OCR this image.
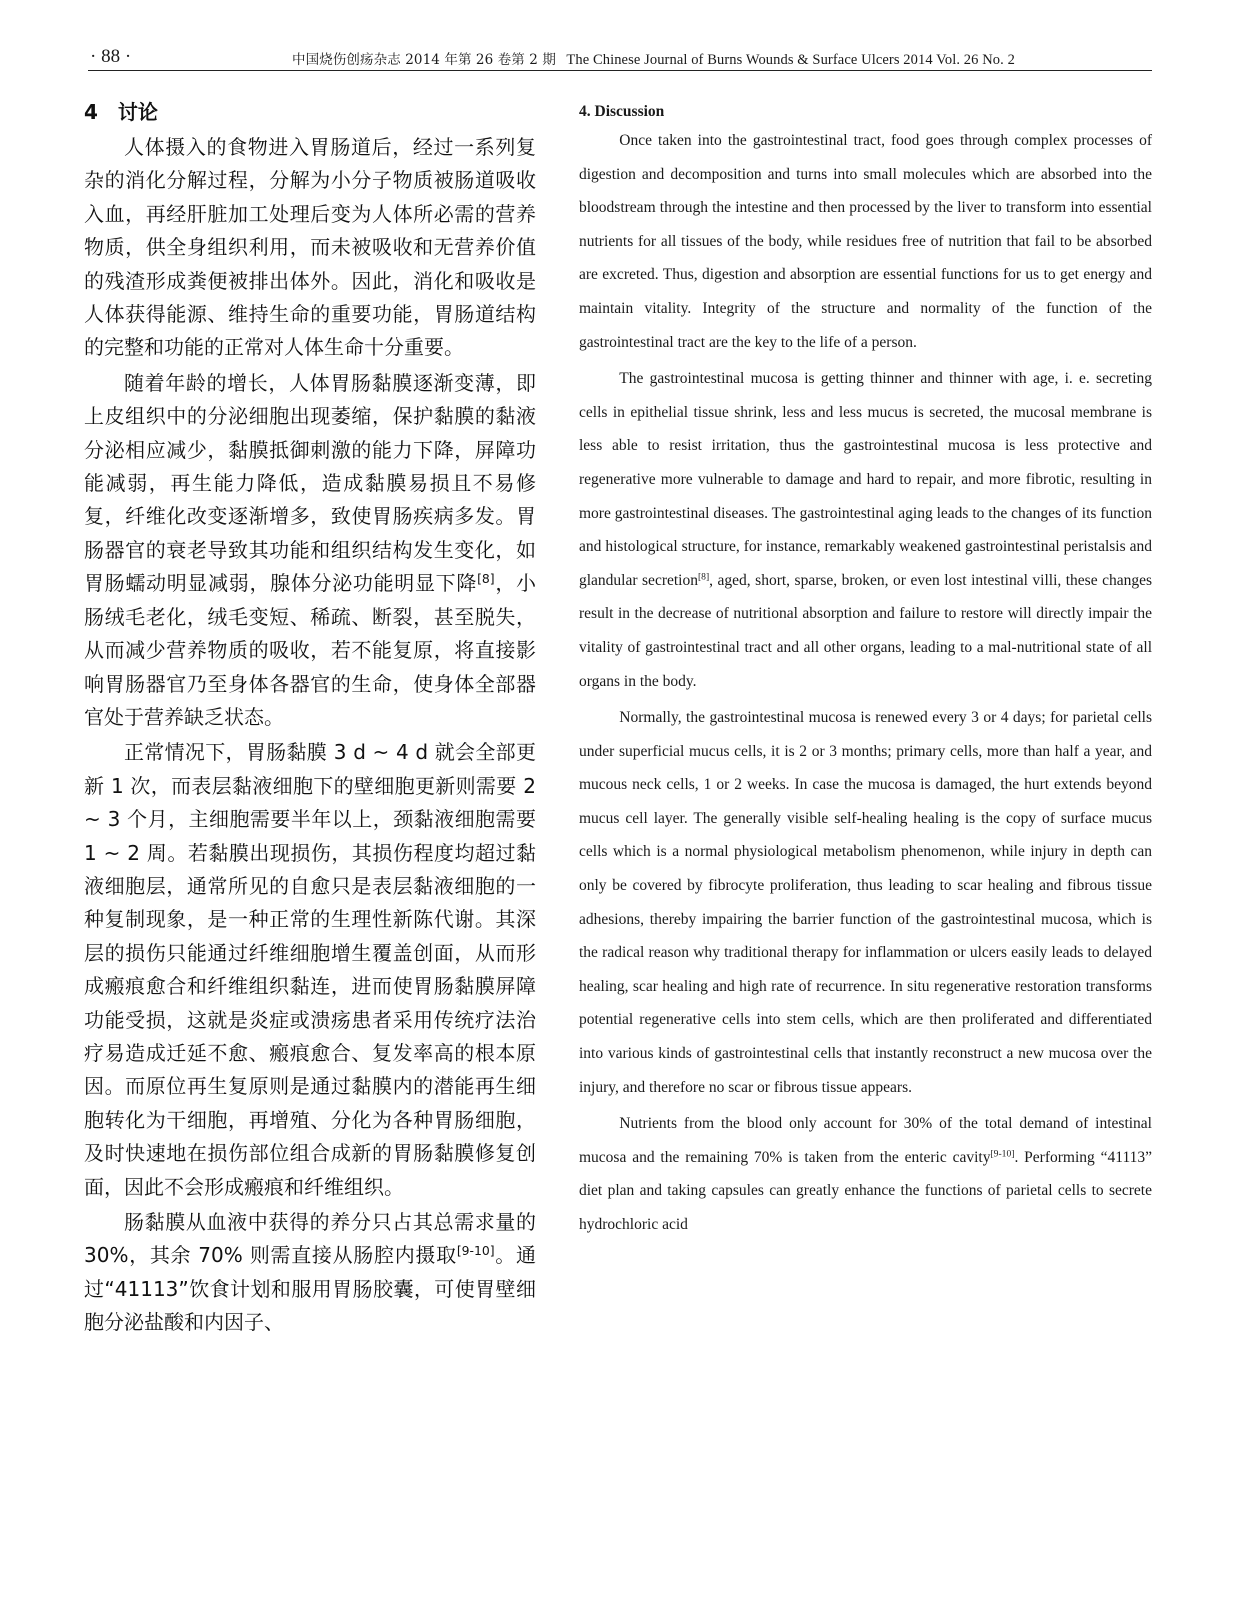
· 88 ·	中国烧伤创疡杂志 2014 年第 26 卷第 2 期 The Chinese Journal of Burns Wounds & Surface Ulcers 2014 Vol. 26 No. 2
4 讨论

人体摄入的食物进入胃肠道后，经过一系列复杂的消化分解过程，分解为小分子物质被肠道吸收入血，再经肝脏加工处理后变为人体所必需的营养物质，供全身组织利用，而未被吸收和无营养价值的残渣形成粪便被排出体外。因此，消化和吸收是人体获得能源、维持生命的重要功能，胃肠道结构的完整和功能的正常对人体生命十分重要。

随着年龄的增长，人体胃肠黏膜逐渐变薄，即上皮组织中的分泌细胞出现萎缩，保护黏膜的黏液分泌相应减少，黏膜抵御刺激的能力下降，屏障功能减弱，再生能力降低，造成黏膜易损且不易修复，纤维化改变逐渐增多，致使胃肠疾病多发。胃肠器官的衰老导致其功能和组织结构发生变化，如胃肠蠕动明显减弱，腺体分泌功能明显下降[8]，小肠绒毛老化，绒毛变短、稀疏、断裂，甚至脱失，从而减少营养物质的吸收，若不能复原，将直接影响胃肠器官乃至身体各器官的生命，使身体全部器官处于营养缺乏状态。

正常情况下，胃肠黏膜 3 d ~ 4 d 就会全部更新 1 次，而表层黏液细胞下的壁细胞更新则需要 2 ~ 3 个月，主细胞需要半年以上，颈黏液细胞需要 1 ~ 2 周。若黏膜出现损伤，其损伤程度均超过黏液细胞层，通常所见的自愈只是表层黏液细胞的一种复制现象，是一种正常的生理性新陈代谢。其深层的损伤只能通过纤维细胞增生覆盖创面，从而形成瘢痕愈合和纤维组织黏连，进而使胃肠黏膜屏障功能受损，这就是炎症或溃疡患者采用传统疗法治疗易造成迁延不愈、瘢痕愈合、复发率高的根本原因。而原位再生复原则是通过黏膜内的潜能再生细胞转化为干细胞，再增殖、分化为各种胃肠细胞，及时快速地在损伤部位组合成新的胃肠黏膜修复创面，因此不会形成瘢痕和纤维组织。

肠黏膜从血液中获得的养分只占其总需求量的 30%，其余 70% 则需直接从肠腔内摄取[9-10]。通过“41113”饮食计划和服用胃肠胶囊，可使胃壁细胞分泌盐酸和内因子、

4. Discussion

Once taken into the gastrointestinal tract, food goes through complex processes of digestion and decomposition and turns into small molecules which are absorbed into the bloodstream through the intestine and then processed by the liver to transform into essential nutrients for all tissues of the body, while residues free of nutrition that fail to be absorbed are excreted. Thus, digestion and absorption are essential functions for us to get energy and maintain vitality. Integrity of the structure and normality of the function of the gastrointestinal tract are the key to the life of a person.

The gastrointestinal mucosa is getting thinner and thinner with age, i. e. secreting cells in epithelial tissue shrink, less and less mucus is secreted, the mucosal membrane is less able to resist irritation, thus the gastrointestinal mucosa is less protective and regenerative more vulnerable to damage and hard to repair, and more fibrotic, resulting in more gastrointestinal diseases. The gastrointestinal aging leads to the changes of its function and histological structure, for instance, remarkably weakened gastrointestinal peristalsis and glandular secretion[8], aged, short, sparse, broken, or even lost intestinal villi, these changes result in the decrease of nutritional absorption and failure to restore will directly impair the vitality of gastrointestinal tract and all other organs, leading to a mal-nutritional state of all organs in the body.

Normally, the gastrointestinal mucosa is renewed every 3 or 4 days; for parietal cells under superficial mucus cells, it is 2 or 3 months; primary cells, more than half a year, and mucous neck cells, 1 or 2 weeks. In case the mucosa is damaged, the hurt extends beyond mucus cell layer. The generally visible self-healing healing is the copy of surface mucus cells which is a normal physiological metabolism phenomenon, while injury in depth can only be covered by fibrocyte proliferation, thus leading to scar healing and fibrous tissue adhesions, thereby impairing the barrier function of the gastrointestinal mucosa, which is the radical reason why traditional therapy for inflammation or ulcers easily leads to delayed healing, scar healing and high rate of recurrence. In situ regenerative restoration transforms potential regenerative cells into stem cells, which are then proliferated and differentiated into various kinds of gastrointestinal cells that instantly reconstruct a new mucosa over the injury, and therefore no scar or fibrous tissue appears.

Nutrients from the blood only account for 30% of the total demand of intestinal mucosa and the remaining 70% is taken from the enteric cavity[9-10]. Performing “41113” diet plan and taking capsules can greatly enhance the functions of parietal cells to secrete hydrochloric acid
